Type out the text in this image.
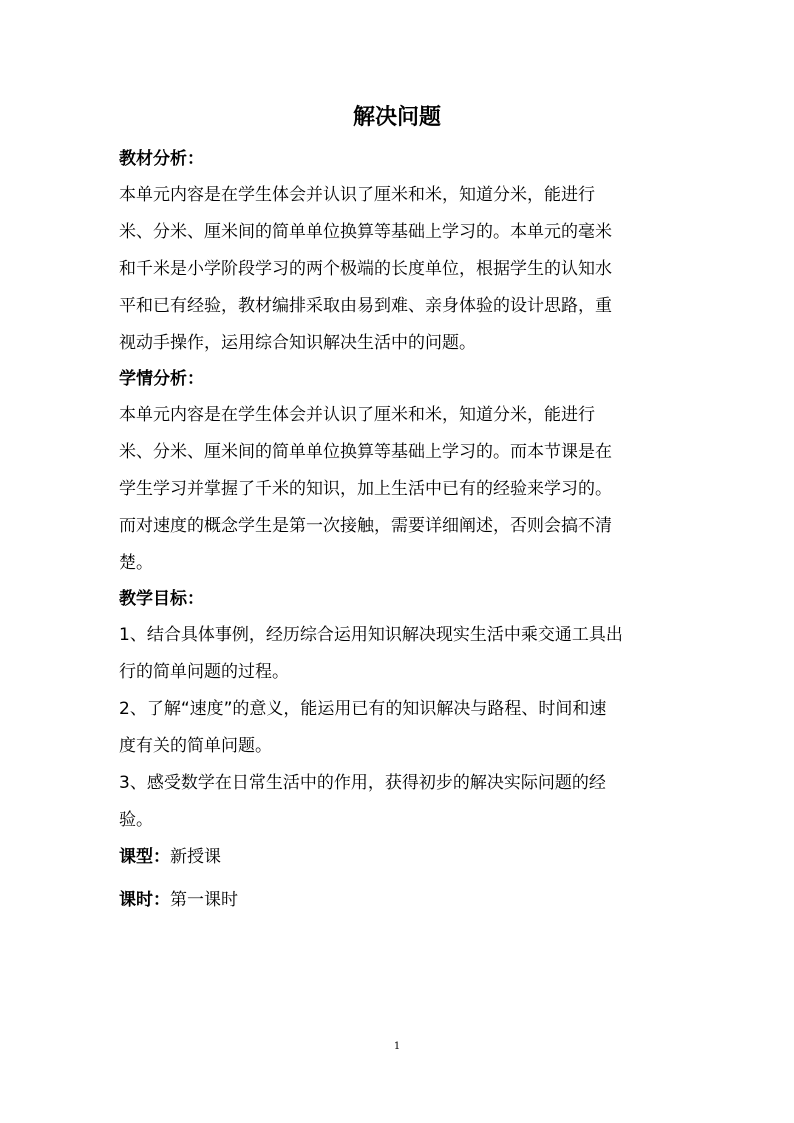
解决问题
教材分析：
本单元内容是在学生体会并认识了厘米和米，知道分米，能进行
米、分米、厘米间的简单单位换算等基础上学习的。本单元的毫米
和千米是小学阶段学习的两个极端的长度单位，根据学生的认知水
平和已有经验，教材编排采取由易到难、亲身体验的设计思路，重
视动手操作，运用综合知识解决生活中的问题。
学情分析：
本单元内容是在学生体会并认识了厘米和米，知道分米，能进行
米、分米、厘米间的简单单位换算等基础上学习的。而本节课是在
学生学习并掌握了千米的知识，加上生活中已有的经验来学习的。
而对速度的概念学生是第一次接触，需要详细阐述，否则会搞不清
楚。
教学目标：
1、结合具体事例，经历综合运用知识解决现实生活中乘交通工具出
行的简单问题的过程。
2、了解“速度”的意义，能运用已有的知识解决与路程、时间和速
度有关的简单问题。
3、感受数学在日常生活中的作用，获得初步的解决实际问题的经
验。
课型：新授课
课时：第一课时
1
